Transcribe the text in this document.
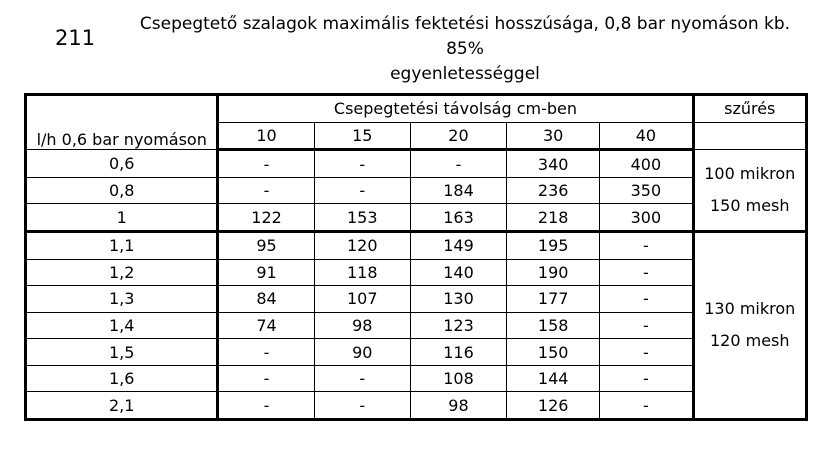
211
Csepegtető szalagok maximális fektetési hosszúsága, 0,8 bar nyomáson kb. 85%
egyenletességgel
l/h 0,6 bar nyomáson	Csepegtetési távolság cm-ben					szűrés
	10	15	20	30	40	
0,6	-	-	-	340	400	100 mikron
150 mesh

0,8	-	-	184	236	350	
1	122	153	163	218	300	
1,1	95	120	149	195	-	130 mikron
120 mesh

1,2	91	118	140	190	-	
1,3	84	107	130	177	-	
1,4	74	98	123	158	-	
1,5	-	90	116	150	-	
1,6	-	-	108	144	-	
2,1	-	-	98	126	-	
